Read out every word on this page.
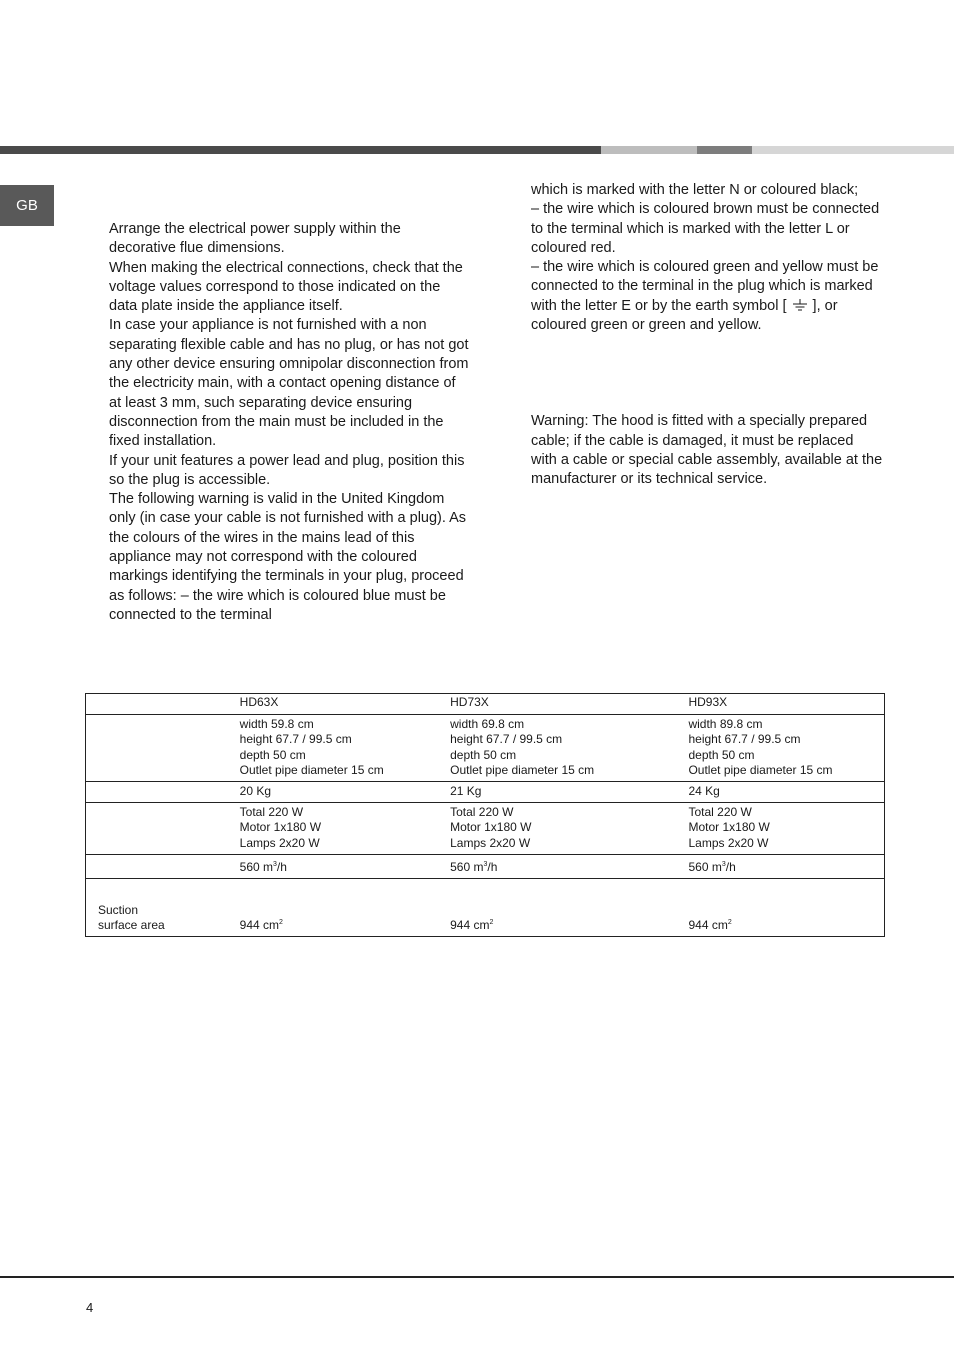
GB

Arrange the electrical power supply within the decorative flue dimensions.

When making the electrical connections, check that the voltage values correspond to those indicated on the data plate inside the appliance itself.

In case your appliance is not furnished with a non separating flexible cable and has no plug, or has not got any other device ensuring omnipolar disconnection from the electricity main, with a contact opening distance of at least 3 mm, such separating device ensuring disconnection from the main must be included in the fixed installation.

If your unit features a power lead and plug, position this so the plug is accessible.

The following warning is valid in the United Kingdom only (in case your cable is not furnished with a plug). As the colours of the wires in the mains lead of this appliance may not correspond with the coloured markings identifying the terminals in your plug, proceed as follows: – the wire which is coloured blue must be connected to the terminal

which is marked with the letter N or coloured black;

– the wire which is coloured brown must be connected to the terminal which is marked with the letter L or coloured red.

– the wire which is coloured green and yellow must be connected to the terminal in the plug which is marked with the letter E or by the earth symbol [ ], or coloured green or green and yellow.

Warning: The hood is fitted with a specially prepared cable; if the cable is damaged, it must be replaced with a cable or special cable assembly, available at the manufacturer or its technical service.

	HD63X	HD73X	HD93X

	width 59.8 cm
height 67.7 / 99.5 cm
depth 50 cm
Outlet pipe diameter 15 cm	width 69.8 cm
height 67.7 / 99.5 cm
depth 50 cm
Outlet pipe diameter 15 cm	width 89.8 cm
height 67.7 / 99.5 cm
depth 50 cm
Outlet pipe diameter 15 cm

	20 Kg	21 Kg	24 Kg

	Total 220 W
Motor 1x180 W
Lamps 2x20 W	Total 220 W
Motor 1x180 W
Lamps 2x20 W	Total 220 W
Motor 1x180 W
Lamps 2x20 W

	560 $m^3/h$	560 $m^3/h$	560 $m^3/h$

Suction
surface area	944 $cm^2$	944 $cm^2$	944 $cm^2$
4
